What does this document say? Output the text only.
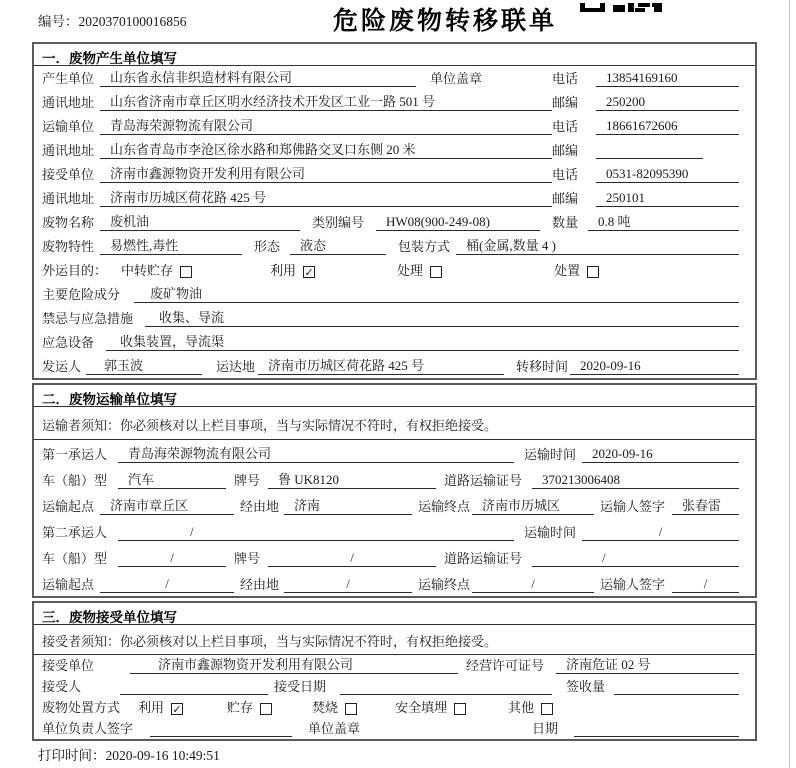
编号：2020370100016856	危险废物转移联单
一．废物产生单位填写
产生单位	山东省永信非织造材料有限公司	单位盖章	电话	13854169160
通讯地址	山东省济南市章丘区明水经济技术开发区工业一路 501 号	邮编	250200
运输单位	青岛海荣源物流有限公司	电话	18661672606
通讯地址	山东省青岛市李沧区徐水路和郑佛路交叉口东侧 20 米	邮编
接受单位	济南市鑫源物资开发利用有限公司	电话	0531-82095390
通讯地址	济南市历城区荷花路 425 号	邮编	250101
废物名称	废机油	类别编号	HW08(900-249-08)	数量	0.8 吨
废物特性	易燃性,毒性	形态	液态	包装方式	桶(金属,数量 4 )
外运目的： 中转贮存	利用 ✓	处理	处置
主要危险成分	废矿物油
禁忌与应急措施	收集、导流
应急设备	收集装置，导流渠
发运人	郭玉波	运达地 济南市历城区荷花路 425 号	转移时间 2020-09-16
二．废物运输单位填写
运输者须知：你必须核对以上栏目事项，当与实际情况不符时，有权拒绝接受。
第一承运人	青岛海荣源物流有限公司	运输时间	2020-09-16
车（船）型	汽车	牌号	鲁 UK8120	道路运输证号	370213006408
运输起点	济南市章丘区	经由地	济南	运输终点 济南市历城区	运输人签字	张春雷
第二承运人	/	运输时间	/
车（船）型	/	牌号	/	道路运输证号	/
运输起点	/	经由地	/	运输终点	/	运输人签字	/
三．废物接受单位填写
接受者须知：你必须核对以上栏目事项，当与实际情况不符时，有权拒绝接受。
接受单位	济南市鑫源物资开发利用有限公司	经营许可证号	济南危证 02 号
接受人	接受日期	签收量
废物处置方式 利用 ✓	贮存	焚烧	安全填埋	其他
单位负责人签字	单位盖章	日期
打印时间：2020-09-16 10:49:51
